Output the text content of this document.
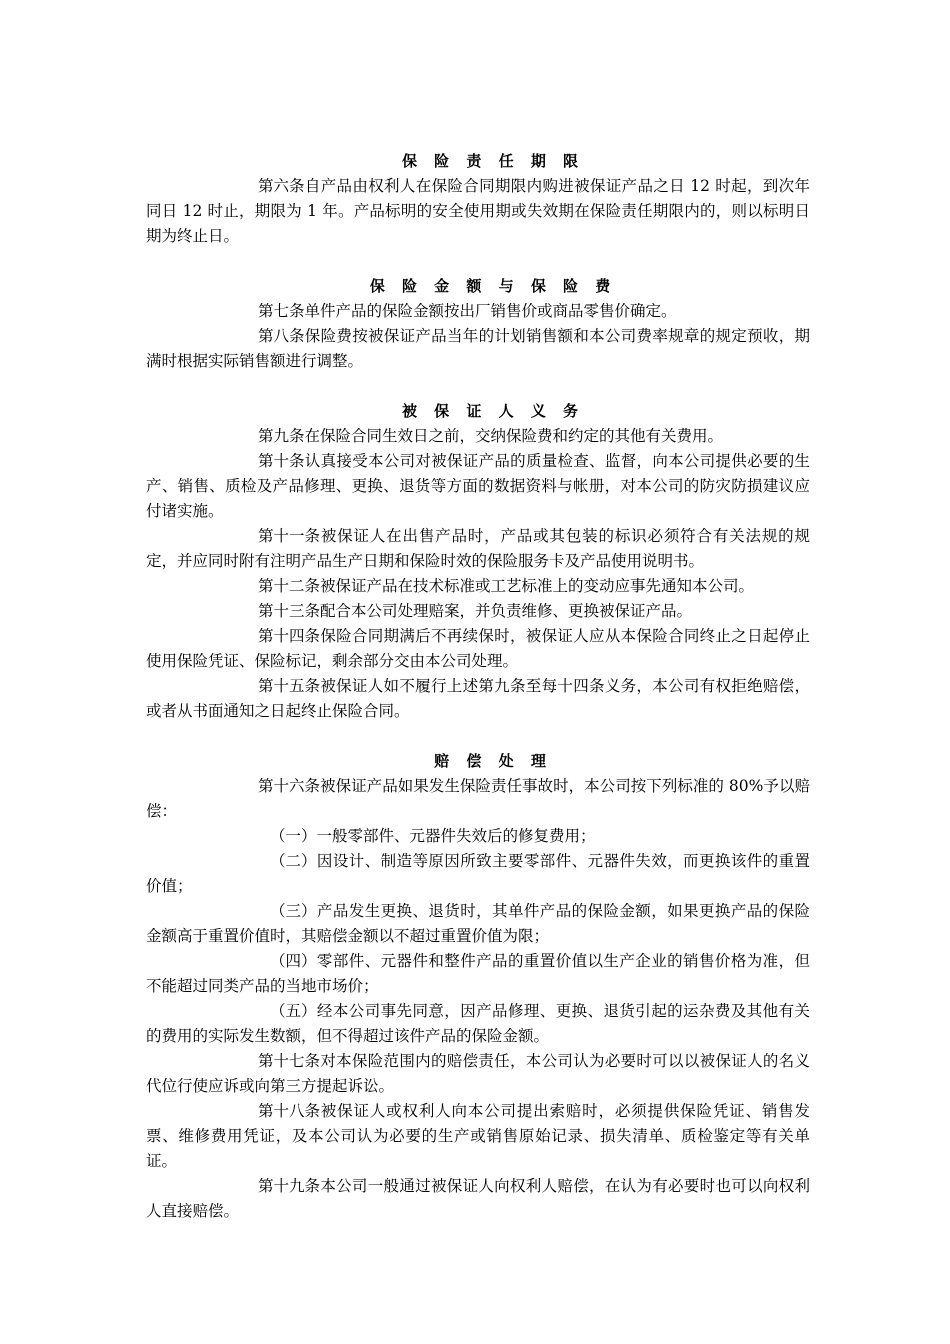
保 险 责 任 期 限

第六条自产品由权利人在保险合同期限内购进被保证产品之日 12 时起，到次年同日 12 时止，期限为 1 年。产品标明的安全使用期或失效期在保险责任期限内的，则以标明日期为终止日。

保 险 金 额 与 保 险 费

第七条单件产品的保险金额按出厂销售价或商品零售价确定。

第八条保险费按被保证产品当年的计划销售额和本公司费率规章的规定预收，期满时根据实际销售额进行调整。

被 保 证 人 义 务

第九条在保险合同生效日之前，交纳保险费和约定的其他有关费用。

第十条认真接受本公司对被保证产品的质量检查、监督，向本公司提供必要的生产、销售、质检及产品修理、更换、退货等方面的数据资料与帐册，对本公司的防灾防损建议应付诸实施。

第十一条被保证人在出售产品时，产品或其包装的标识必须符合有关法规的规定，并应同时附有注明产品生产日期和保险时效的保险服务卡及产品使用说明书。

第十二条被保证产品在技术标准或工艺标准上的变动应事先通知本公司。

第十三条配合本公司处理赔案，并负责维修、更换被保证产品。

第十四条保险合同期满后不再续保时，被保证人应从本保险合同终止之日起停止使用保险凭证、保险标记，剩余部分交由本公司处理。

第十五条被保证人如不履行上述第九条至每十四条义务，本公司有权拒绝赔偿，或者从书面通知之日起终止保险合同。

赔 偿 处 理

第十六条被保证产品如果发生保险责任事故时，本公司按下列标准的 80%予以赔偿：

（一）一般零部件、元器件失效后的修复费用；

（二）因设计、制造等原因所致主要零部件、元器件失效，而更换该件的重置价值；

（三）产品发生更换、退货时，其单件产品的保险金额，如果更换产品的保险金额高于重置价值时，其赔偿金额以不超过重置价值为限；

（四）零部件、元器件和整件产品的重置价值以生产企业的销售价格为准，但不能超过同类产品的当地市场价；

（五）经本公司事先同意，因产品修理、更换、退货引起的运杂费及其他有关的费用的实际发生数额，但不得超过该件产品的保险金额。

第十七条对本保险范围内的赔偿责任，本公司认为必要时可以以被保证人的名义代位行使应诉或向第三方提起诉讼。

第十八条被保证人或权利人向本公司提出索赔时，必须提供保险凭证、销售发票、维修费用凭证，及本公司认为必要的生产或销售原始记录、损失清单、质检鉴定等有关单证。

第十九条本公司一般通过被保证人向权利人赔偿，在认为有必要时也可以向权利人直接赔偿。
